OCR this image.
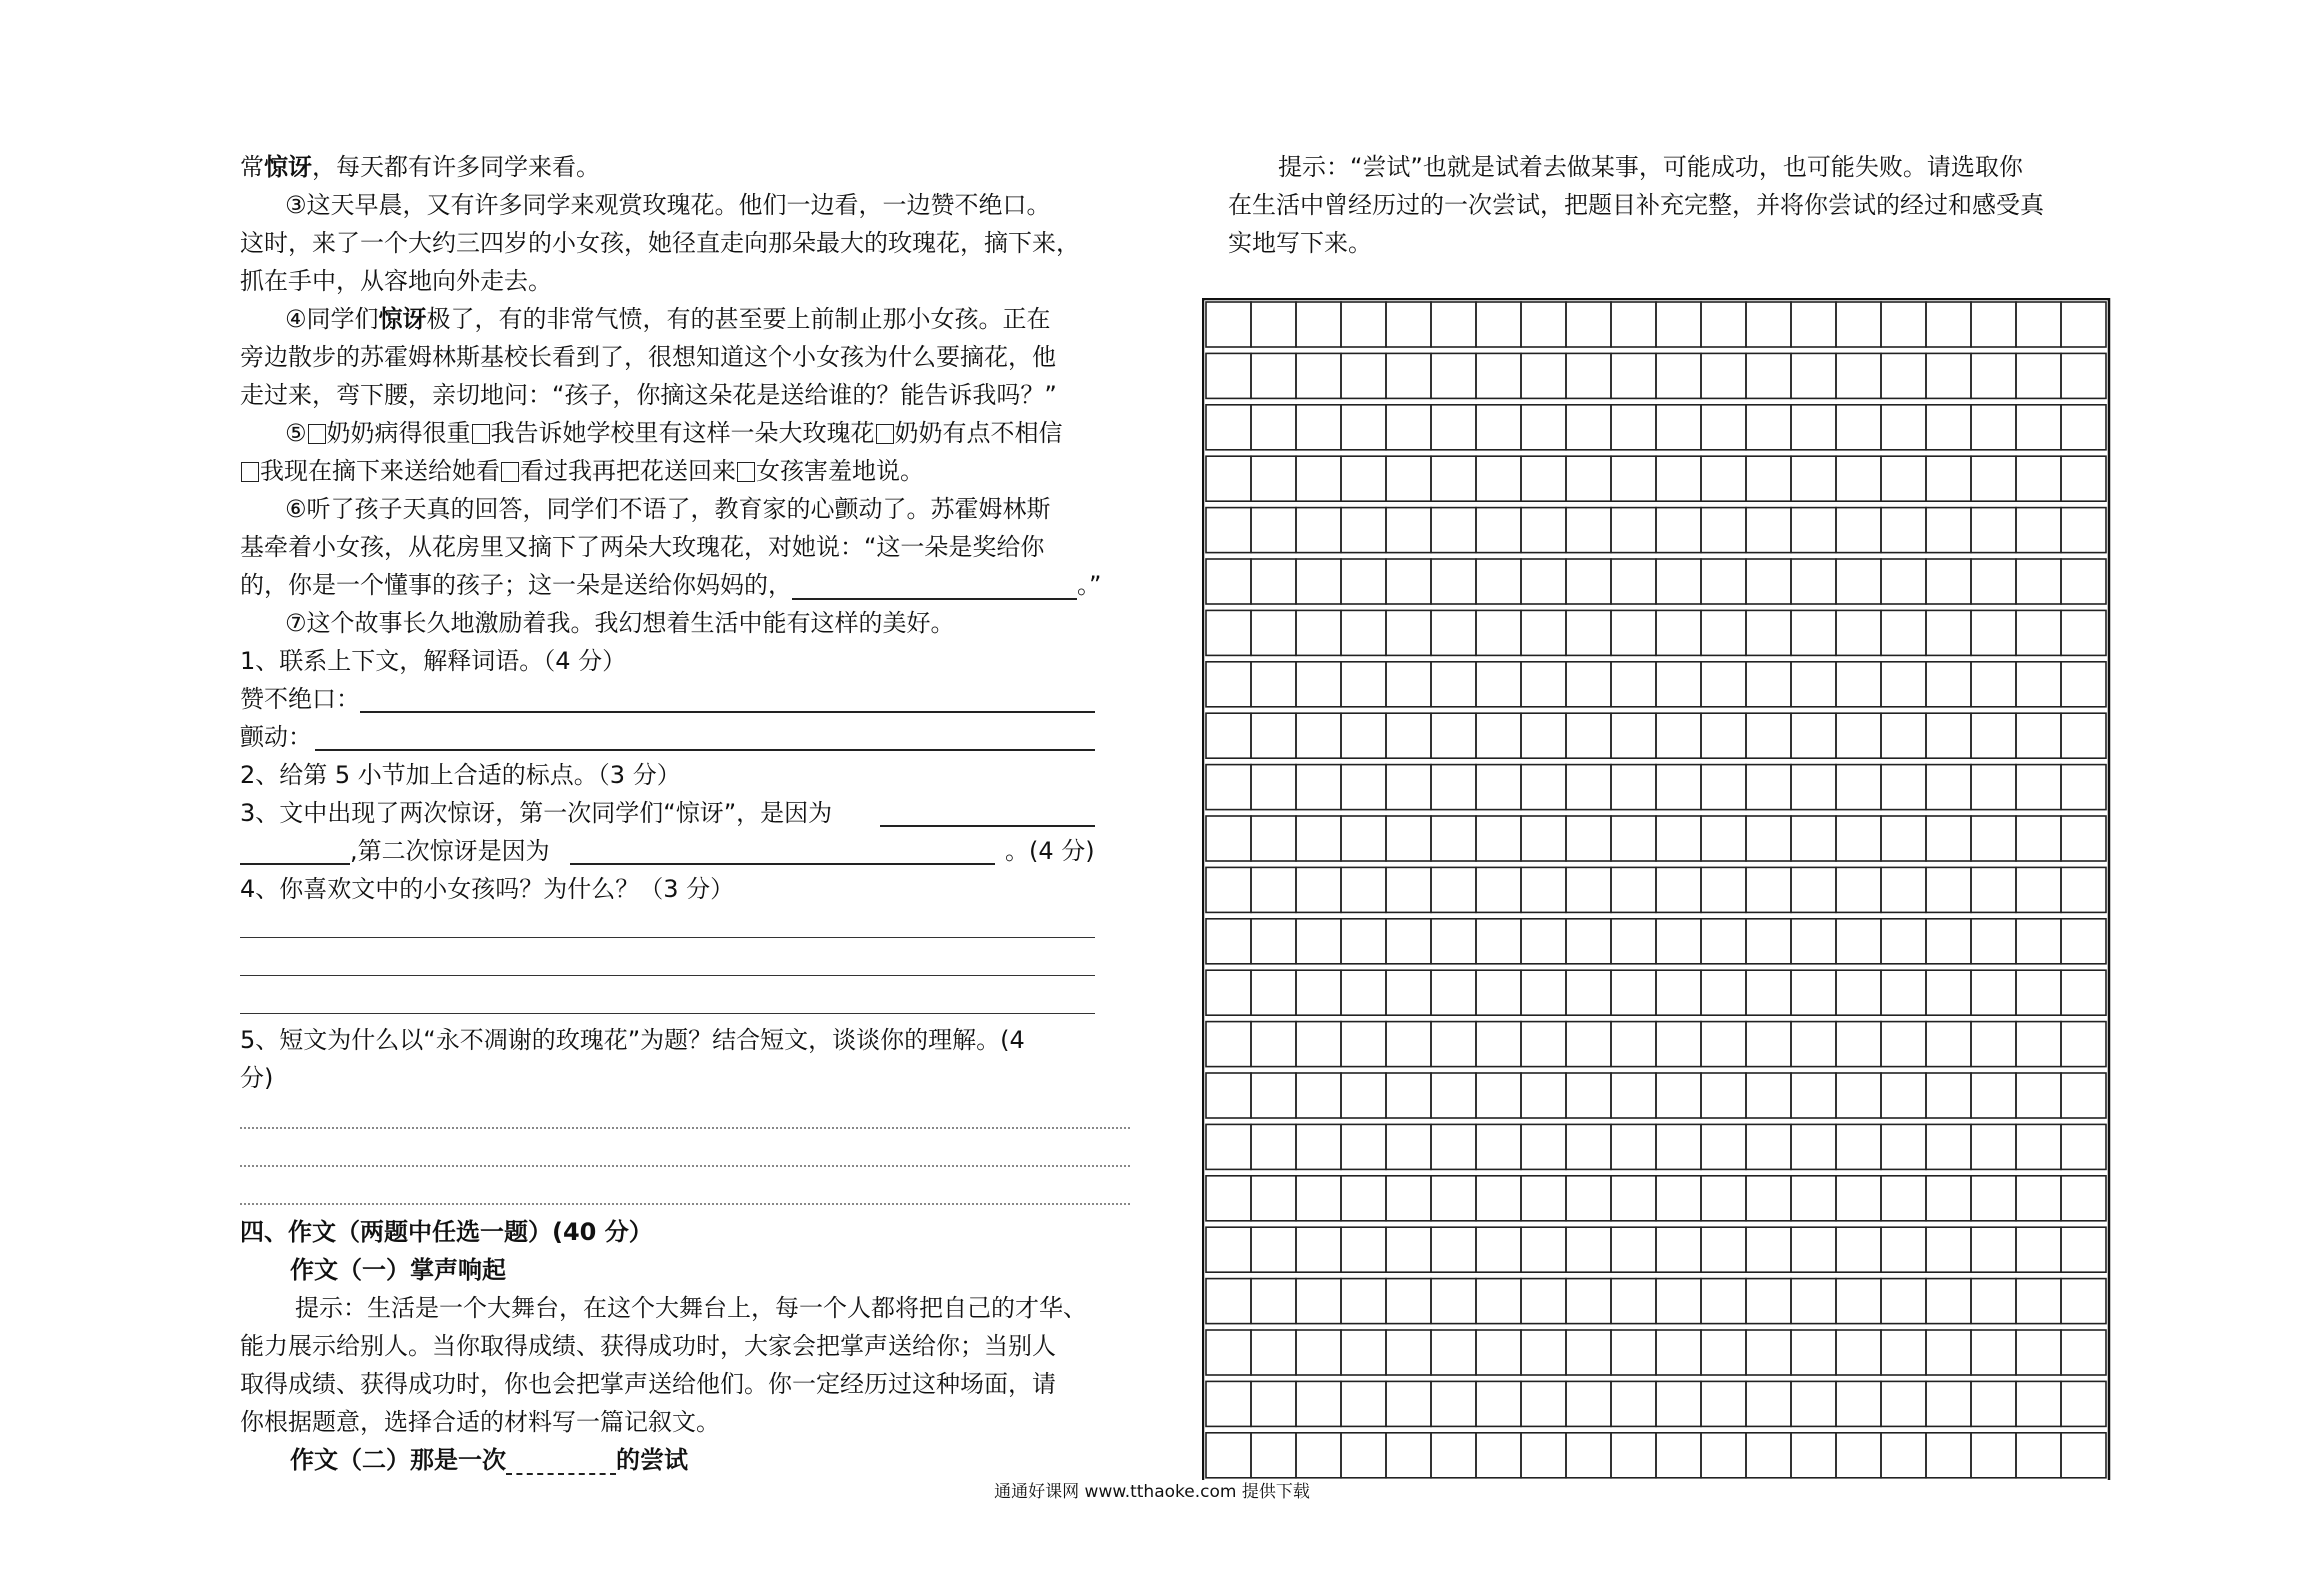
常惊讶，每天都有许多同学来看。
③这天早晨，又有许多同学来观赏玫瑰花。他们一边看，一边赞不绝口。
这时，来了一个大约三四岁的小女孩，她径直走向那朵最大的玫瑰花，摘下来，
抓在手中，从容地向外走去。
④同学们惊讶极了，有的非常气愤，有的甚至要上前制止那小女孩。正在
旁边散步的苏霍姆林斯基校长看到了，很想知道这个小女孩为什么要摘花，他
走过来，弯下腰，亲切地问：“孩子，你摘这朵花是送给谁的？能告诉我吗？”
⑤ 奶奶病得很重 我告诉她学校里有这样一朵大玫瑰花 奶奶有点不相信
我现在摘下来送给她看 看过我再把花送回来 女孩害羞地说。
⑥听了孩子天真的回答，同学们不语了，教育家的心颤动了。苏霍姆林斯
基牵着小女孩，从花房里又摘下了两朵大玫瑰花，对她说：“这一朵是奖给你
的，你是一个懂事的孩子；这一朵是送给你妈妈的，	。”
⑦这个故事长久地激励着我。我幻想着生活中能有这样的美好。
1、联系上下文，解释词语。（4 分）
赞不绝口：
颤动：
2、给第 5 小节加上合适的标点。（3 分）
3、文中出现了两次惊讶，第一次同学们“惊讶”，是因为
,第二次惊讶是因为	。(4 分)
4、你喜欢文中的小女孩吗？为什么？（3 分）
5、短文为什么以“永不凋谢的玫瑰花”为题？结合短文，谈谈你的理解。(4
分)
四、作文（两题中任选一题）(40 分）
作文（一）掌声响起
提示：生活是一个大舞台，在这个大舞台上，每一个人都将把自己的才华、
能力展示给别人。当你取得成绩、获得成功时，大家会把掌声送给你；当别人
取得成绩、获得成功时，你也会把掌声送给他们。你一定经历过这种场面，请
你根据题意，选择合适的材料写一篇记叙文。
作文（二）那是一次	的尝试
提示：“尝试”也就是试着去做某事，可能成功，也可能失败。请选取你
在生活中曾经历过的一次尝试，把题目补充完整，并将你尝试的经过和感受真
实地写下来。
通通好课网 www.tthaoke.com 提供下载
